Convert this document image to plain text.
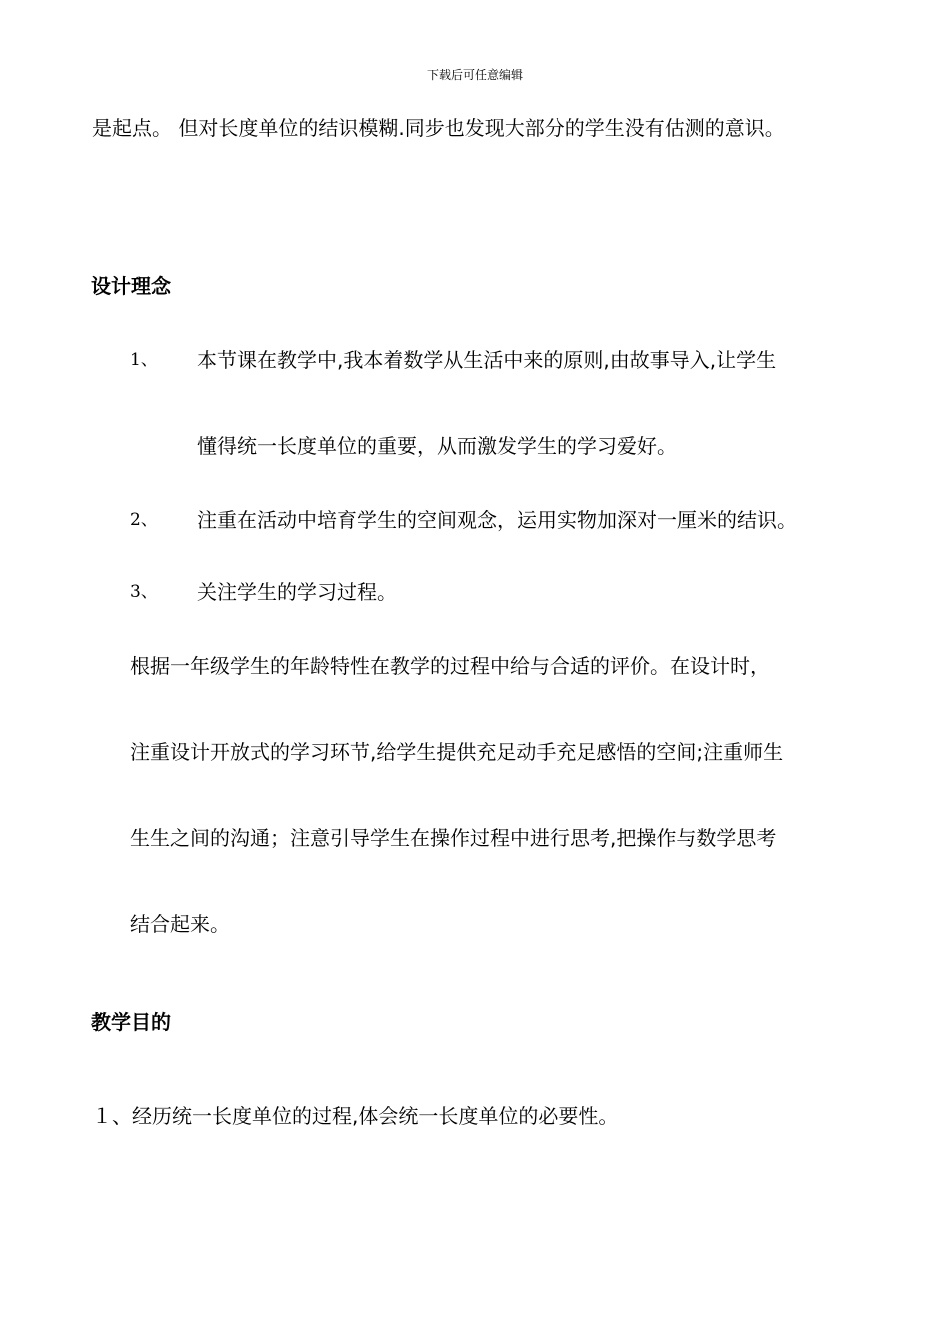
下载后可任意编辑
是起点。 但对长度单位的结识模糊.同步也发现大部分的学生没有估测的意识。
设计理念
1、 本节课在教学中,我本着数学从生活中来的原则,由故事导入,让学生
懂得统一长度单位的重要，从而激发学生的学习爱好。
2、 注重在活动中培育学生的空间观念，运用实物加深对一厘米的结识。
3、 关注学生的学习过程。
根据一年级学生的年龄特性在教学的过程中给与合适的评价。在设计时，
注重设计开放式的学习环节,给学生提供充足动手充足感悟的空间;注重师生
生生之间的沟通；注意引导学生在操作过程中进行思考,把操作与数学思考
结合起来。
教学目的
１、经历统一长度单位的过程,体会统一长度单位的必要性。
